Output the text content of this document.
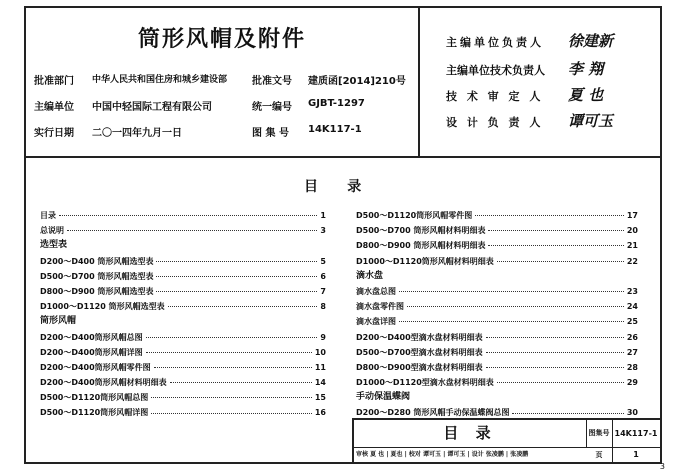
筒形风帽及附件
批准部门 中华人民共和国住房和城乡建设部 批准文号 建质函[2014]210号
主编单位 中国中轻国际工程有限公司	统一编号 GJBT-1297
实行日期 二〇一四年九月一日	图 集 号 14K117-1
主编单位负责人 徐建新
主编单位技术负责人 李 翔
技 术 审 定 人 夏 也
设 计 负 责 人 谭可玉
目      录
目录	1
总说明	3
选型表
D200～D400 筒形风帽选型表	5
D500～D700 筒形风帽选型表	6
D800～D900 筒形风帽选型表	7
D1000～D1120 筒形风帽选型表	8
筒形风帽
D200～D400筒形风帽总图	9
D200～D400筒形风帽详图	10
D200～D400筒形风帽零件图	11
D200～D400筒形风帽材料明细表	14
D500～D1120筒形风帽总图	15
D500～D1120筒形风帽详图	16
D500～D1120筒形风帽零件图	17
D500～D700 筒形风帽材料明细表	20
D800～D900 筒形风帽材料明细表	21
D1000～D1120筒形风帽材料明细表	22
滴水盘
滴水盘总图	23
滴水盘零件图	24
滴水盘详图	25
D200～D400型滴水盘材料明细表	26
D500～D700型滴水盘材料明细表	27
D800～D900型滴水盘材料明细表	28
D1000～D1120型滴水盘材料明细表	29
手动保温蝶阀
D200～D280 筒形风帽手动保温蝶阀总图	30
目 录	图集号 14K117-1
审核 夏 也 | 夏也 | 校对 谭可玉 | 谭可玉 | 设计 张凌鹏 | 张凌鹏	页	1
3
